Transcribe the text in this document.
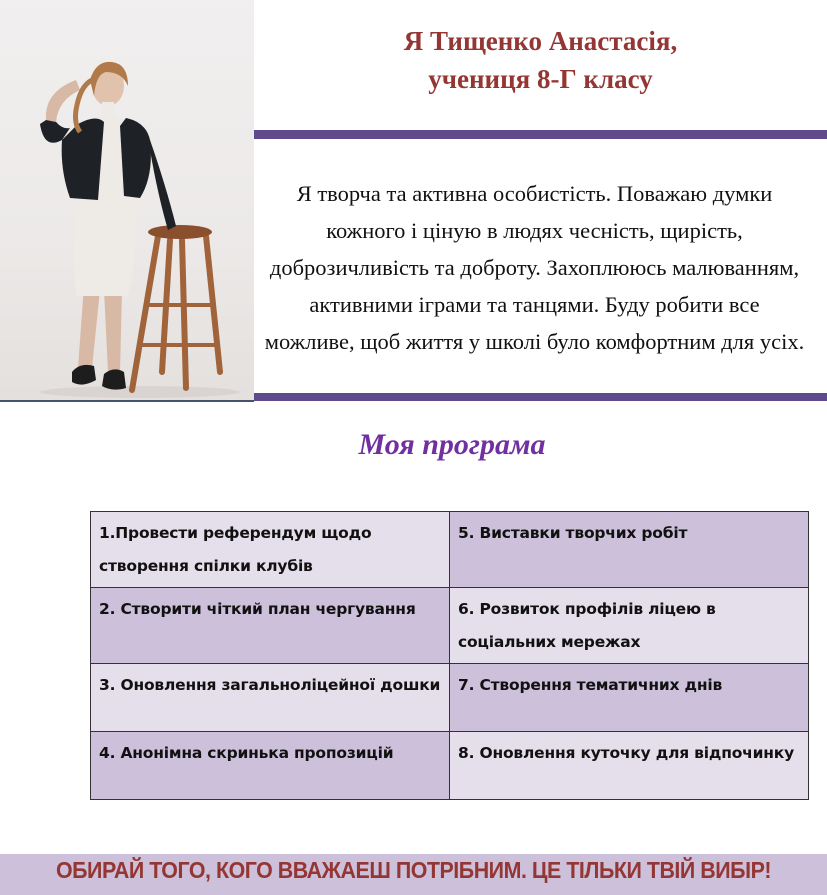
Я Тищенко Анастасія,
учениця 8-Г класу
Я творча та активна особистість. Поважаю думки кожного і ціную в людях чесність, щирість, доброзичливість та доброту. Захоплююсь малюванням, активними іграми та танцями. Буду робити все можливе, щоб життя у школі було комфортним для усіх.
Моя програма
1.Провести референдум щодо створення спілки клубів	5. Виставки творчих робіт
2. Створити чіткий план чергування	6. Розвиток профілів ліцею в соціальних мережах
3. Оновлення загальноліцейної дошки	7. Створення тематичних днів
4. Анонімна скринька пропозицій	8. Оновлення куточку для відпочинку
ОБИРАЙ ТОГО, КОГО ВВАЖАЕШ ПОТРІБНИМ. ЦЕ ТІЛЬКИ ТВІЙ ВИБІР!
